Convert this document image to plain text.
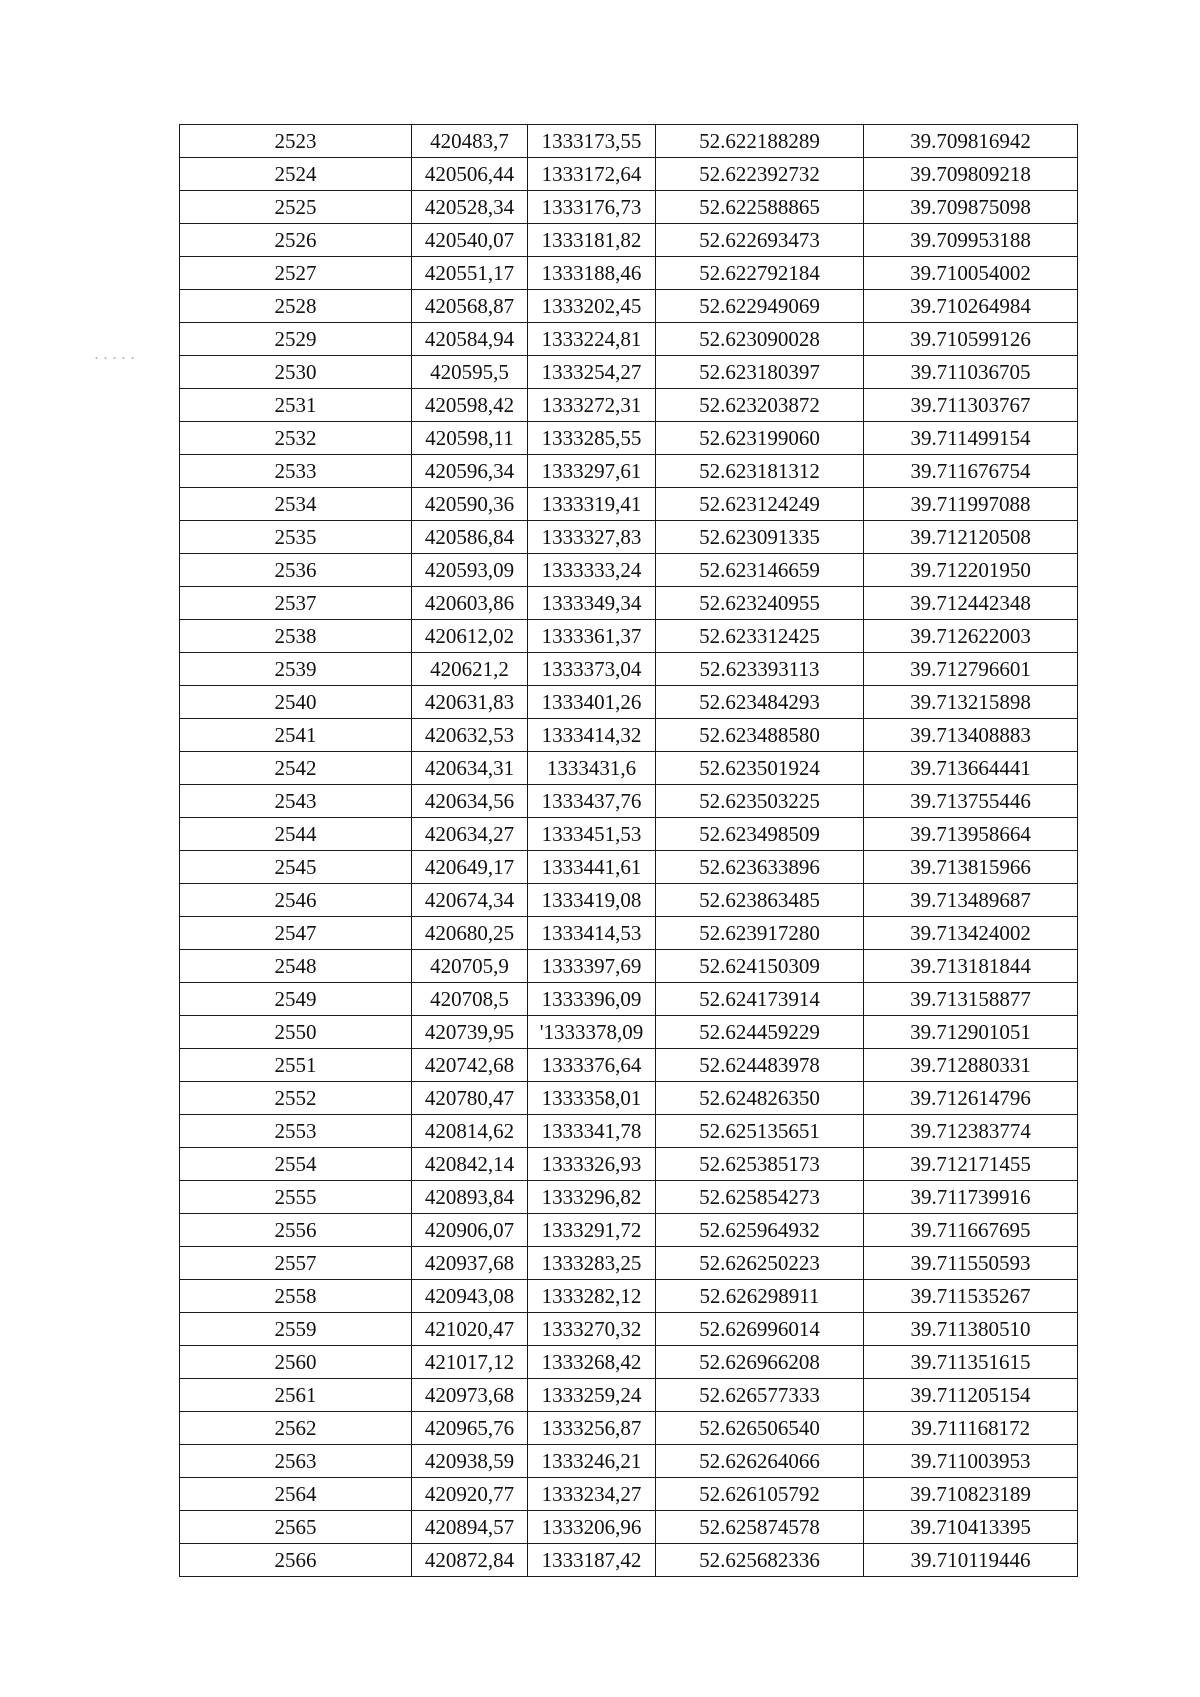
2523	420483,7	1333173,55	52.622188289	39.709816942
2524	420506,44	1333172,64	52.622392732	39.709809218
2525	420528,34	1333176,73	52.622588865	39.709875098
2526	420540,07	1333181,82	52.622693473	39.709953188
2527	420551,17	1333188,46	52.622792184	39.710054002
2528	420568,87	1333202,45	52.622949069	39.710264984
2529	420584,94	1333224,81	52.623090028	39.710599126
2530	420595,5	1333254,27	52.623180397	39.711036705
2531	420598,42	1333272,31	52.623203872	39.711303767
2532	420598,11	1333285,55	52.623199060	39.711499154
2533	420596,34	1333297,61	52.623181312	39.711676754
2534	420590,36	1333319,41	52.623124249	39.711997088
2535	420586,84	1333327,83	52.623091335	39.712120508
2536	420593,09	1333333,24	52.623146659	39.712201950
2537	420603,86	1333349,34	52.623240955	39.712442348
2538	420612,02	1333361,37	52.623312425	39.712622003
2539	420621,2	1333373,04	52.623393113	39.712796601
2540	420631,83	1333401,26	52.623484293	39.713215898
2541	420632,53	1333414,32	52.623488580	39.713408883
2542	420634,31	1333431,6	52.623501924	39.713664441
2543	420634,56	1333437,76	52.623503225	39.713755446
2544	420634,27	1333451,53	52.623498509	39.713958664
2545	420649,17	1333441,61	52.623633896	39.713815966
2546	420674,34	1333419,08	52.623863485	39.713489687
2547	420680,25	1333414,53	52.623917280	39.713424002
2548	420705,9	1333397,69	52.624150309	39.713181844
2549	420708,5	1333396,09	52.624173914	39.713158877
2550	420739,95	'1333378,09	52.624459229	39.712901051
2551	420742,68	1333376,64	52.624483978	39.712880331
2552	420780,47	1333358,01	52.624826350	39.712614796
2553	420814,62	1333341,78	52.625135651	39.712383774
2554	420842,14	1333326,93	52.625385173	39.712171455
2555	420893,84	1333296,82	52.625854273	39.711739916
2556	420906,07	1333291,72	52.625964932	39.711667695
2557	420937,68	1333283,25	52.626250223	39.711550593
2558	420943,08	1333282,12	52.626298911	39.711535267
2559	421020,47	1333270,32	52.626996014	39.711380510
2560	421017,12	1333268,42	52.626966208	39.711351615
2561	420973,68	1333259,24	52.626577333	39.711205154
2562	420965,76	1333256,87	52.626506540	39.711168172
2563	420938,59	1333246,21	52.626264066	39.711003953
2564	420920,77	1333234,27	52.626105792	39.710823189
2565	420894,57	1333206,96	52.625874578	39.710413395
2566	420872,84	1333187,42	52.625682336	39.710119446
